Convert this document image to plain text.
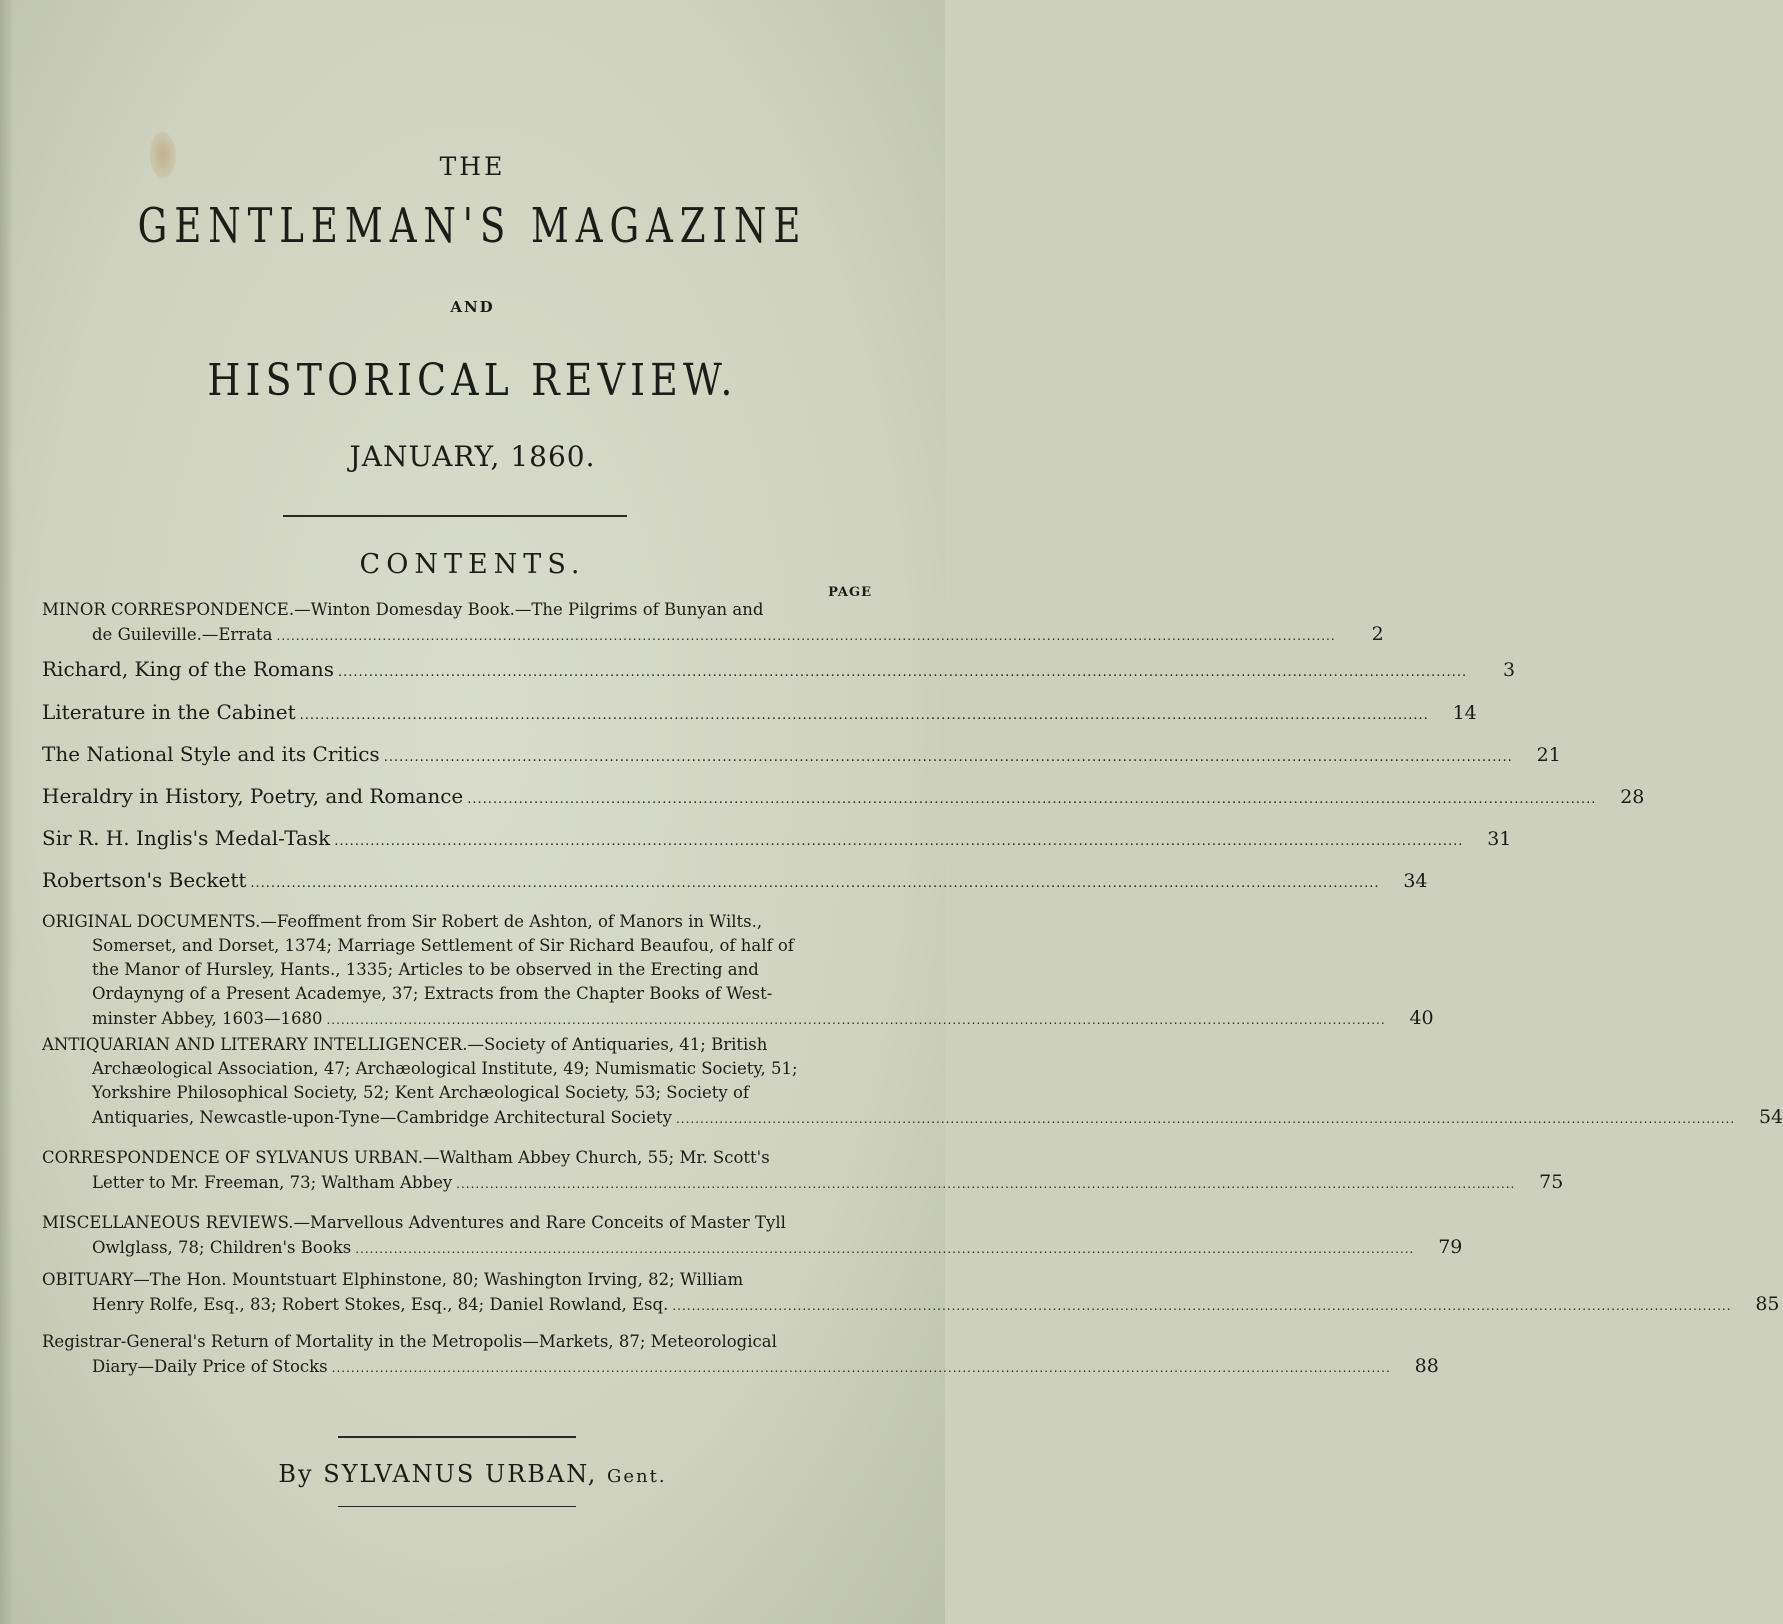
THE
GENTLEMAN'S MAGAZINE
AND
HISTORICAL REVIEW.
JANUARY, 1860.
CONTENTS.
PAGE
MINOR CORRESPONDENCE.—Winton Domesday Book.—The Pilgrims of Bunyan and
de Guileville.—Errata ............................................................................................................................................................................................................................	2
Richard, King of the Romans ............................................................................................................................................................................................................................	3
Literature in the Cabinet ............................................................................................................................................................................................................................	14
The National Style and its Critics ............................................................................................................................................................................................................................	21
Heraldry in History, Poetry, and Romance ............................................................................................................................................................................................................................	28
Sir R. H. Inglis's Medal-Task ............................................................................................................................................................................................................................	31
Robertson's Beckett ............................................................................................................................................................................................................................	34
ORIGINAL DOCUMENTS.—Feoffment from Sir Robert de Ashton, of Manors in Wilts.,
Somerset, and Dorset, 1374; Marriage Settlement of Sir Richard Beaufou, of half of
the Manor of Hursley, Hants., 1335; Articles to be observed in the Erecting and
Ordaynyng of a Present Academye, 37; Extracts from the Chapter Books of West-
minster Abbey, 1603—1680 ............................................................................................................................................................................................................................	40
ANTIQUARIAN AND LITERARY INTELLIGENCER.—Society of Antiquaries, 41; British
Archæological Association, 47; Archæological Institute, 49; Numismatic Society, 51;
Yorkshire Philosophical Society, 52; Kent Archæological Society, 53; Society of
Antiquaries, Newcastle-upon-Tyne—Cambridge Architectural Society ............................................................................................................................................................................................................................	54
CORRESPONDENCE OF SYLVANUS URBAN.—Waltham Abbey Church, 55; Mr. Scott's
Letter to Mr. Freeman, 73; Waltham Abbey ............................................................................................................................................................................................................................	75
MISCELLANEOUS REVIEWS.—Marvellous Adventures and Rare Conceits of Master Tyll
Owlglass, 78; Children's Books ............................................................................................................................................................................................................................	79
OBITUARY—The Hon. Mountstuart Elphinstone, 80; Washington Irving, 82; William
Henry Rolfe, Esq., 83; Robert Stokes, Esq., 84; Daniel Rowland, Esq. ............................................................................................................................................................................................................................	85
Registrar-General's Return of Mortality in the Metropolis—Markets, 87; Meteorological
Diary—Daily Price of Stocks ............................................................................................................................................................................................................................	88
By SYLVANUS URBAN, Gent.
